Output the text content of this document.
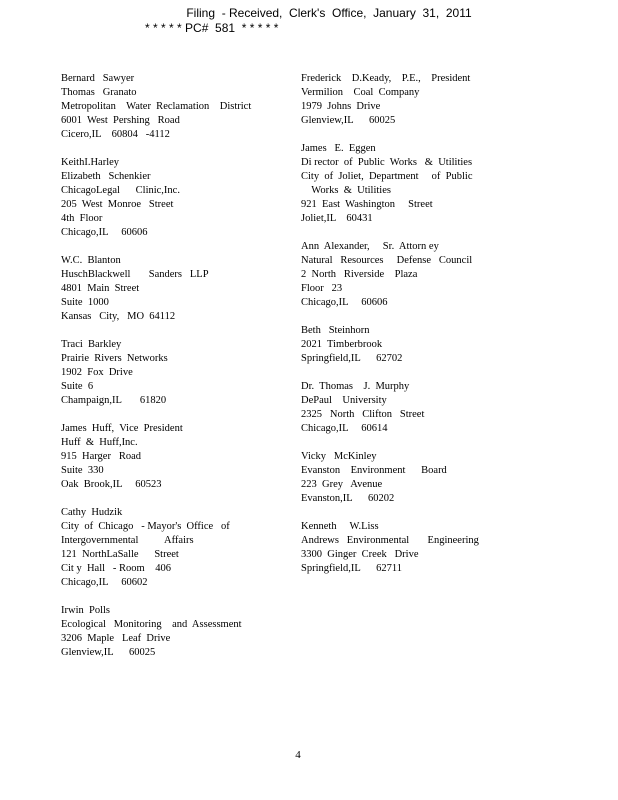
Filing  - Received,  Clerk's  Office,  January  31,  2011
* * * * * PC#  581  * * * * *
Bernard   Sawyer
Thomas   Granato
Metropolitan    Water  Reclamation    District
6001  West  Pershing   Road
Cicero,IL    60804   -4112
KeithI.Harley
Elizabeth   Schenkier
ChicagoLegal      Clinic,Inc.
205  West  Monroe   Street
4th  Floor
Chicago,IL     60606
W.C.  Blanton
HuschBlackwell       Sanders   LLP
4801  Main  Street
Suite  1000
Kansas   City,   MO  64112
Traci  Barkley
Prairie  Rivers  Networks
1902  Fox  Drive
Suite  6
Champaign,IL       61820
James  Huff,  Vice  President
Huff  &  Huff,Inc.
915  Harger   Road
Suite  330
Oak  Brook,IL     60523
Cathy  Hudzik
City  of  Chicago   - Mayor's  Office   of
Intergovernmental          Affairs
121  NorthLaSalle      Street
Cit y  Hall   - Room    406
Chicago,IL     60602
Irwin  Polls
Ecological   Monitoring    and  Assessment
3206  Maple   Leaf  Drive
Glenview,IL      60025
Frederick    D.Keady,    P.E.,    President
Vermilion    Coal  Company
1979  Johns  Drive
Glenview,IL      60025
James   E.  Eggen
Di rector  of  Public  Works   &  Utilities
City  of  Joliet,  Department     of  Public
Works  &  Utilities
921  East  Washington     Street
Joliet,IL    60431
Ann  Alexander,     Sr.  Attorn ey
Natural   Resources     Defense   Council
2  North   Riverside    Plaza
Floor   23
Chicago,IL     60606
Beth   Steinhorn
2021  Timberbrook
Springfield,IL      62702
Dr.  Thomas    J.  Murphy
DePaul    University
2325   North   Clifton   Street
Chicago,IL     60614
Vicky   McKinley
Evanston    Environment      Board
223  Grey   Avenue
Evanston,IL      60202
Kenneth     W.Liss
Andrews   Environmental       Engineering
3300  Ginger  Creek   Drive
Springfield,IL      62711
4
